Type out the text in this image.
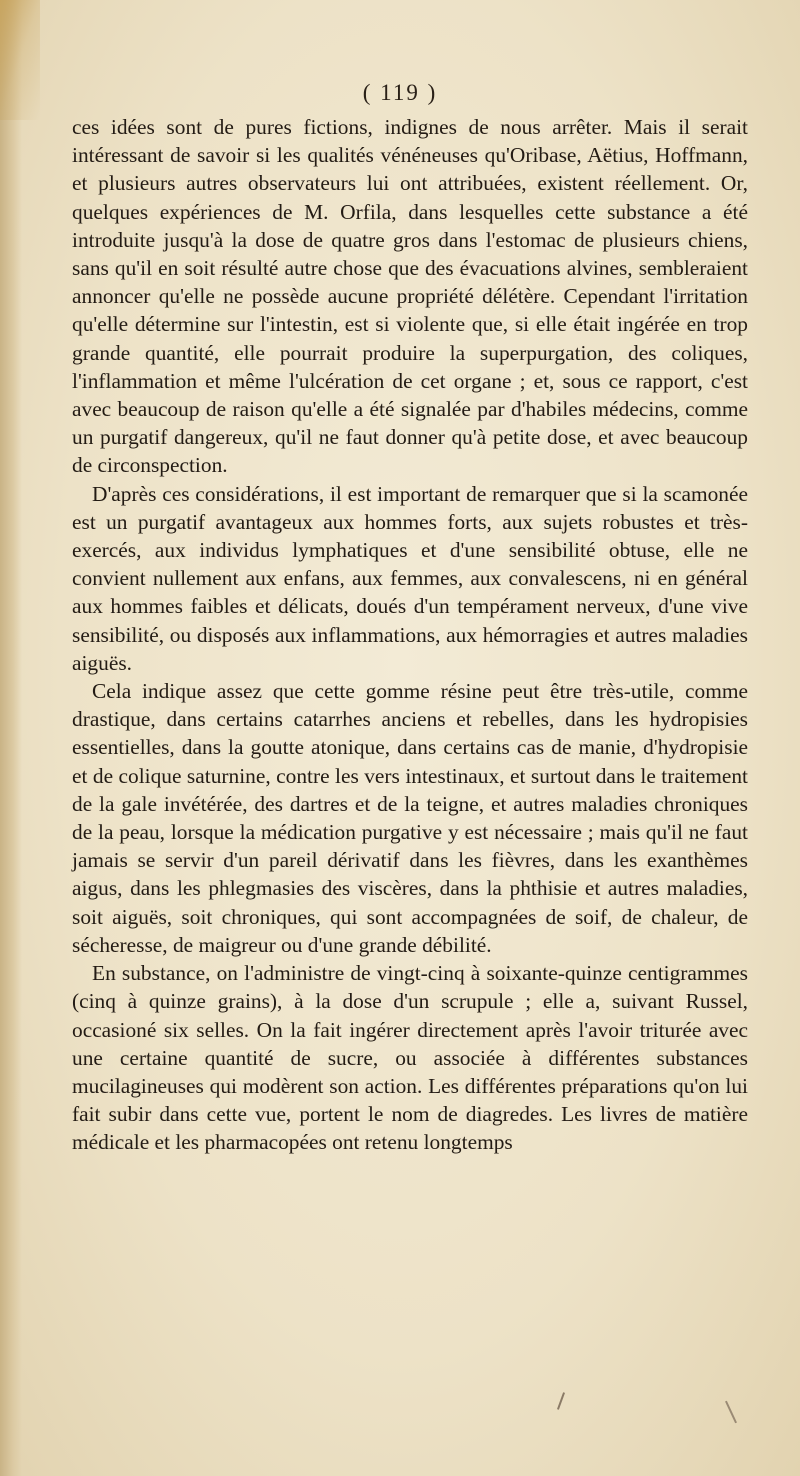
( 119 )

ces idées sont de pures fictions, indignes de nous arrêter. Mais il serait intéressant de savoir si les qualités vénéneuses qu'Oribase, Aëtius, Hoffmann, et plusieurs autres observateurs lui ont attribuées, existent réellement. Or, quelques expériences de M. Orfila, dans lesquelles cette substance a été introduite jusqu'à la dose de quatre gros dans l'estomac de plusieurs chiens, sans qu'il en soit résulté autre chose que des évacuations alvines, sembleraient annoncer qu'elle ne possède aucune propriété délétère. Cependant l'irritation qu'elle détermine sur l'intestin, est si violente que, si elle était ingérée en trop grande quantité, elle pourrait produire la superpurgation, des coliques, l'inflammation et même l'ulcération de cet organe ; et, sous ce rapport, c'est avec beaucoup de raison qu'elle a été signalée par d'habiles médecins, comme un purgatif dangereux, qu'il ne faut donner qu'à petite dose, et avec beaucoup de circonspection.

D'après ces considérations, il est important de remarquer que si la scamonée est un purgatif avantageux aux hommes forts, aux sujets robustes et très-exercés, aux individus lymphatiques et d'une sensibilité obtuse, elle ne convient nullement aux enfans, aux femmes, aux convalescens, ni en général aux hommes faibles et délicats, doués d'un tempérament nerveux, d'une vive sensibilité, ou disposés aux inflammations, aux hémorragies et autres maladies aiguës.

Cela indique assez que cette gomme résine peut être très-utile, comme drastique, dans certains catarrhes anciens et rebelles, dans les hydropisies essentielles, dans la goutte atonique, dans certains cas de manie, d'hydropisie et de colique saturnine, contre les vers intestinaux, et surtout dans le traitement de la gale invétérée, des dartres et de la teigne, et autres maladies chroniques de la peau, lorsque la médication purgative y est nécessaire ; mais qu'il ne faut jamais se servir d'un pareil dérivatif dans les fièvres, dans les exanthèmes aigus, dans les phlegmasies des viscères, dans la phthisie et autres maladies, soit aiguës, soit chroniques, qui sont accompagnées de soif, de chaleur, de sécheresse, de maigreur ou d'une grande débilité.

En substance, on l'administre de vingt-cinq à soixante-quinze centigrammes (cinq à quinze grains), à la dose d'un scrupule ; elle a, suivant Russel, occasioné six selles. On la fait ingérer directement après l'avoir triturée avec une certaine quantité de sucre, ou associée à différentes substances mucilagineuses qui modèrent son action. Les différentes préparations qu'on lui fait subir dans cette vue, portent le nom de diagredes. Les livres de matière médicale et les pharmacopées ont retenu longtemps
